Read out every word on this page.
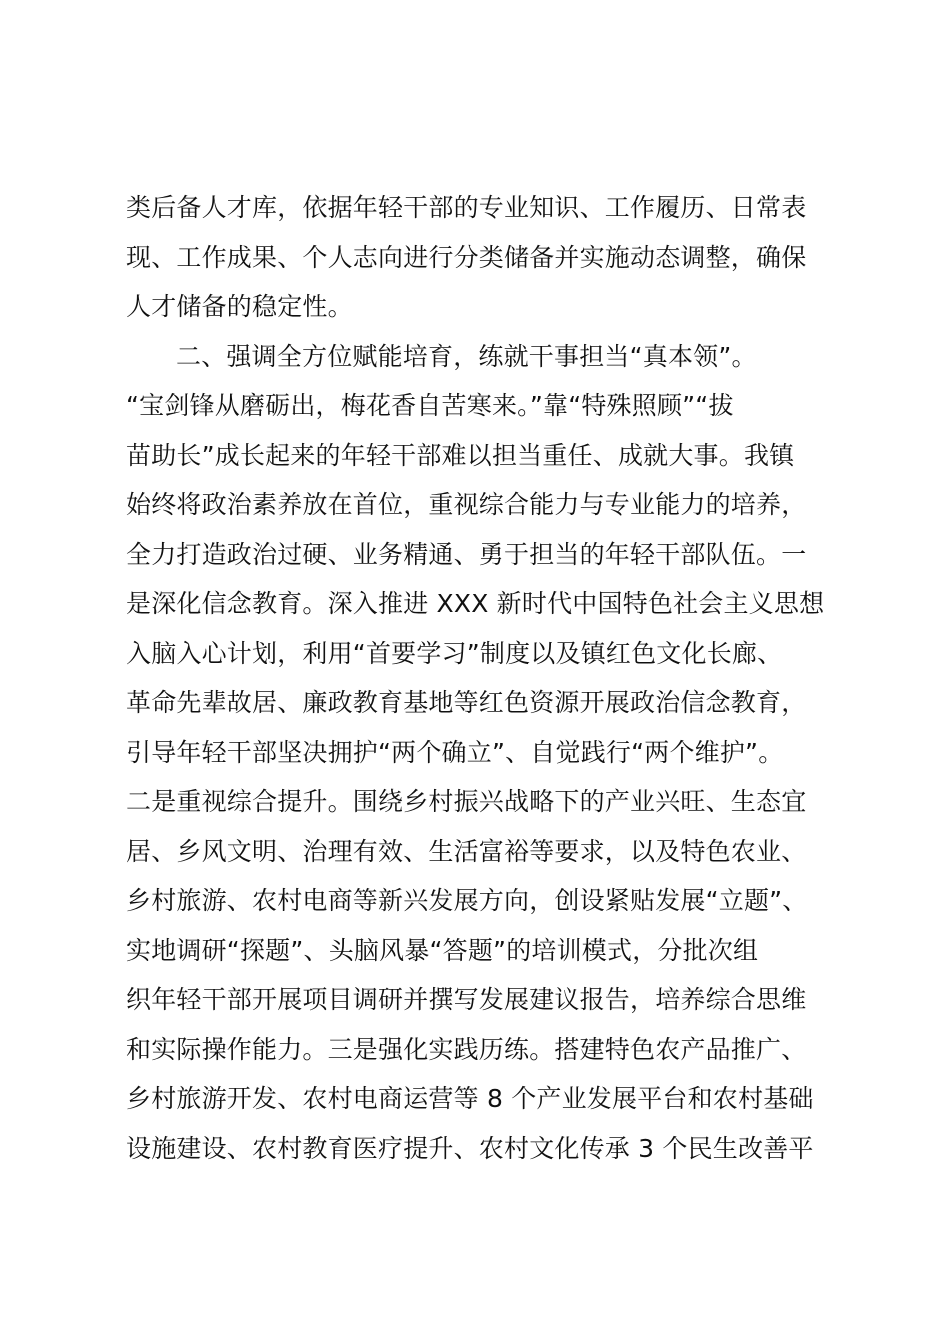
类后备人才库，依据年轻干部的专业知识、工作履历、日常表
现、工作成果、个人志向进行分类储备并实施动态调整，确保
人才储备的稳定性。
二、强调全方位赋能培育，练就干事担当“真本领”。
“宝剑锋从磨砺出，梅花香自苦寒来。”靠“特殊照顾”“拔
苗助长”成长起来的年轻干部难以担当重任、成就大事。我镇
始终将政治素养放在首位，重视综合能力与专业能力的培养，
全力打造政治过硬、业务精通、勇于担当的年轻干部队伍。一
是深化信念教育。深入推进 XXX 新时代中国特色社会主义思想
入脑入心计划，利用“首要学习”制度以及镇红色文化长廊、
革命先辈故居、廉政教育基地等红色资源开展政治信念教育，
引导年轻干部坚决拥护“两个确立”、自觉践行“两个维护”。
二是重视综合提升。围绕乡村振兴战略下的产业兴旺、生态宜
居、乡风文明、治理有效、生活富裕等要求，以及特色农业、
乡村旅游、农村电商等新兴发展方向，创设紧贴发展“立题”、
实地调研“探题”、头脑风暴“答题”的培训模式，分批次组
织年轻干部开展项目调研并撰写发展建议报告，培养综合思维
和实际操作能力。三是强化实践历练。搭建特色农产品推广、
乡村旅游开发、农村电商运营等 8 个产业发展平台和农村基础
设施建设、农村教育医疗提升、农村文化传承 3 个民生改善平
